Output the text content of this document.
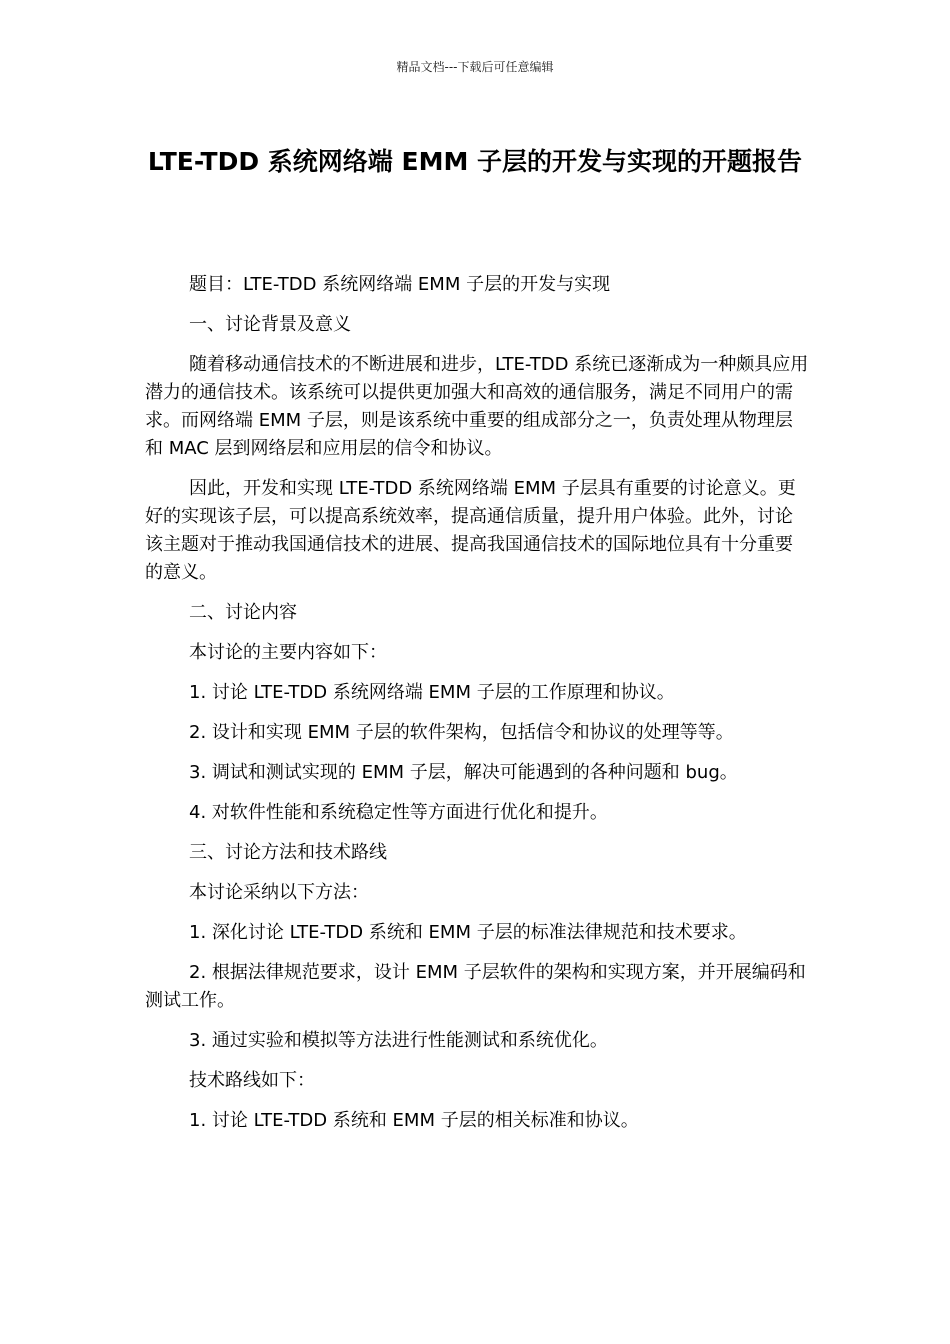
精品文档---下载后可任意编辑
LTE-TDD 系统网络端 EMM 子层的开发与实现的开题报告

题目：LTE-TDD 系统网络端 EMM 子层的开发与实现

一、讨论背景及意义

随着移动通信技术的不断进展和进步，LTE-TDD 系统已逐渐成为一种颇具应用潜力的通信技术。该系统可以提供更加强大和高效的通信服务，满足不同用户的需求。而网络端 EMM 子层，则是该系统中重要的组成部分之一，负责处理从物理层和 MAC 层到网络层和应用层的信令和协议。

因此，开发和实现 LTE-TDD 系统网络端 EMM 子层具有重要的讨论意义。更好的实现该子层，可以提高系统效率，提高通信质量，提升用户体验。此外，讨论该主题对于推动我国通信技术的进展、提高我国通信技术的国际地位具有十分重要的意义。

二、讨论内容

本讨论的主要内容如下：

1. 讨论 LTE-TDD 系统网络端 EMM 子层的工作原理和协议。

2. 设计和实现 EMM 子层的软件架构，包括信令和协议的处理等等。

3. 调试和测试实现的 EMM 子层，解决可能遇到的各种问题和 bug。

4. 对软件性能和系统稳定性等方面进行优化和提升。

三、讨论方法和技术路线

本讨论采纳以下方法：

1. 深化讨论 LTE-TDD 系统和 EMM 子层的标准法律规范和技术要求。

2. 根据法律规范要求，设计 EMM 子层软件的架构和实现方案，并开展编码和测试工作。

3. 通过实验和模拟等方法进行性能测试和系统优化。

技术路线如下：

1. 讨论 LTE-TDD 系统和 EMM 子层的相关标准和协议。
